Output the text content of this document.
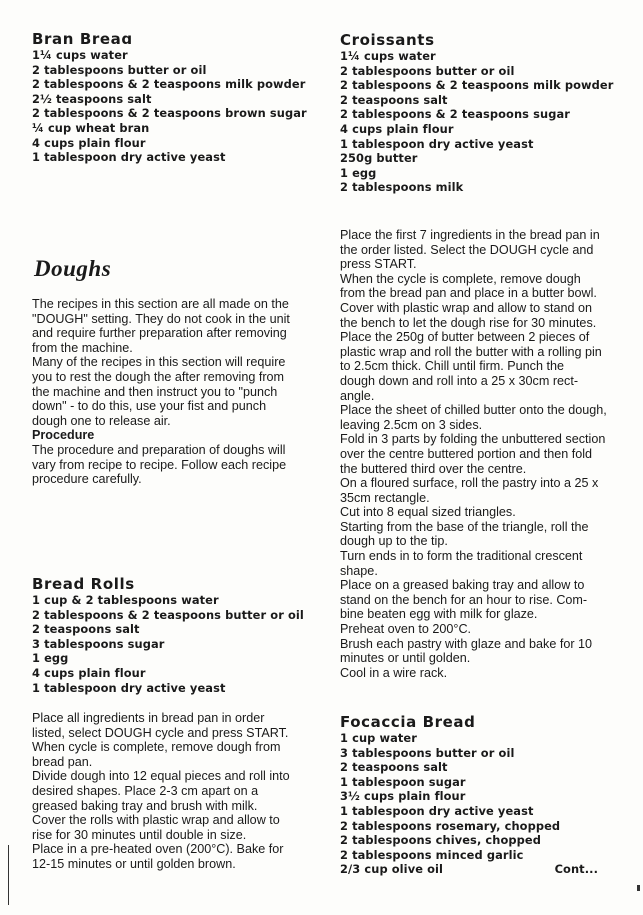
Bran Breaɑ
1¼ cups water
2 tablespoons butter or oil
2 tablespoons & 2 teaspoons milk powder
2½ teaspoons salt
2 tablespoons & 2 teaspoons brown sugar
¼ cup wheat bran
4 cups plain flour
1 tablespoon dry active yeast
Doughs
The recipes in this section are all made on the
"DOUGH" setting. They do not cook in the unit
and require further preparation after removing
from the machine.
Many of the recipes in this section will require
you to rest the dough the after removing from
the machine and then instruct you to "punch
down" - to do this, use your fist and punch
dough one to release air.
Procedure
The procedure and preparation of doughs will
vary from recipe to recipe. Follow each recipe
procedure carefully.
Bread Rolls
1 cup & 2 tablespoons water
2 tablespoons & 2 teaspoons butter or oil
2 teaspoons salt
3 tablespoons sugar
1 egg
4 cups plain flour
1 tablespoon dry active yeast
Place all ingredients in bread pan in order
listed, select DOUGH cycle and press START.
When cycle is complete, remove dough from
bread pan.
Divide dough into 12 equal pieces and roll into
desired shapes. Place 2-3 cm apart on a
greased baking tray and brush with milk.
Cover the rolls with plastic wrap and allow to
rise for 30 minutes until double in size.
Place in a pre-heated oven (200°C). Bake for
12-15 minutes or until golden brown.
Croissants
1¼ cups water
2 tablespoons butter or oil
2 tablespoons & 2 teaspoons milk powder
2 teaspoons salt
2 tablespoons & 2 teaspoons sugar
4 cups plain flour
1 tablespoon dry active yeast
250g butter
1 egg
2 tablespoons milk
Place the first 7 ingredients in the bread pan in
the order listed. Select the DOUGH cycle and
press START.
When the cycle is complete, remove dough
from the bread pan and place in a butter bowl.
Cover with plastic wrap and allow to stand on
the bench to let the dough rise for 30 minutes.
Place the 250g of butter between 2 pieces of
plastic wrap and roll the butter with a rolling pin
to 2.5cm thick. Chill until firm. Punch the
dough down and roll into a 25 x 30cm rect-
angle.
Place the sheet of chilled butter onto the dough,
leaving 2.5cm on 3 sides.
Fold in 3 parts by folding the unbuttered section
over the centre buttered portion and then fold
the buttered third over the centre.
On a floured surface, roll the pastry into a 25 x
35cm rectangle.
Cut into 8 equal sized triangles.
Starting from the base of the triangle, roll the
dough up to the tip.
Turn ends in to form the traditional crescent
shape.
Place on a greased baking tray and allow to
stand on the bench for an hour to rise. Com-
bine beaten egg with milk for glaze.
Preheat oven to 200°C.
Brush each pastry with glaze and bake for 10
minutes or until golden.
Cool in a wire rack.
Focaccia Bread
1 cup water
3 tablespoons butter or oil
2 teaspoons salt
1 tablespoon sugar
3½ cups plain flour
1 tablespoon dry active yeast
2 tablespoons rosemary, chopped
2 tablespoons chives, chopped
2 tablespoons minced garlic
2/3 cup olive oil	Cont...
